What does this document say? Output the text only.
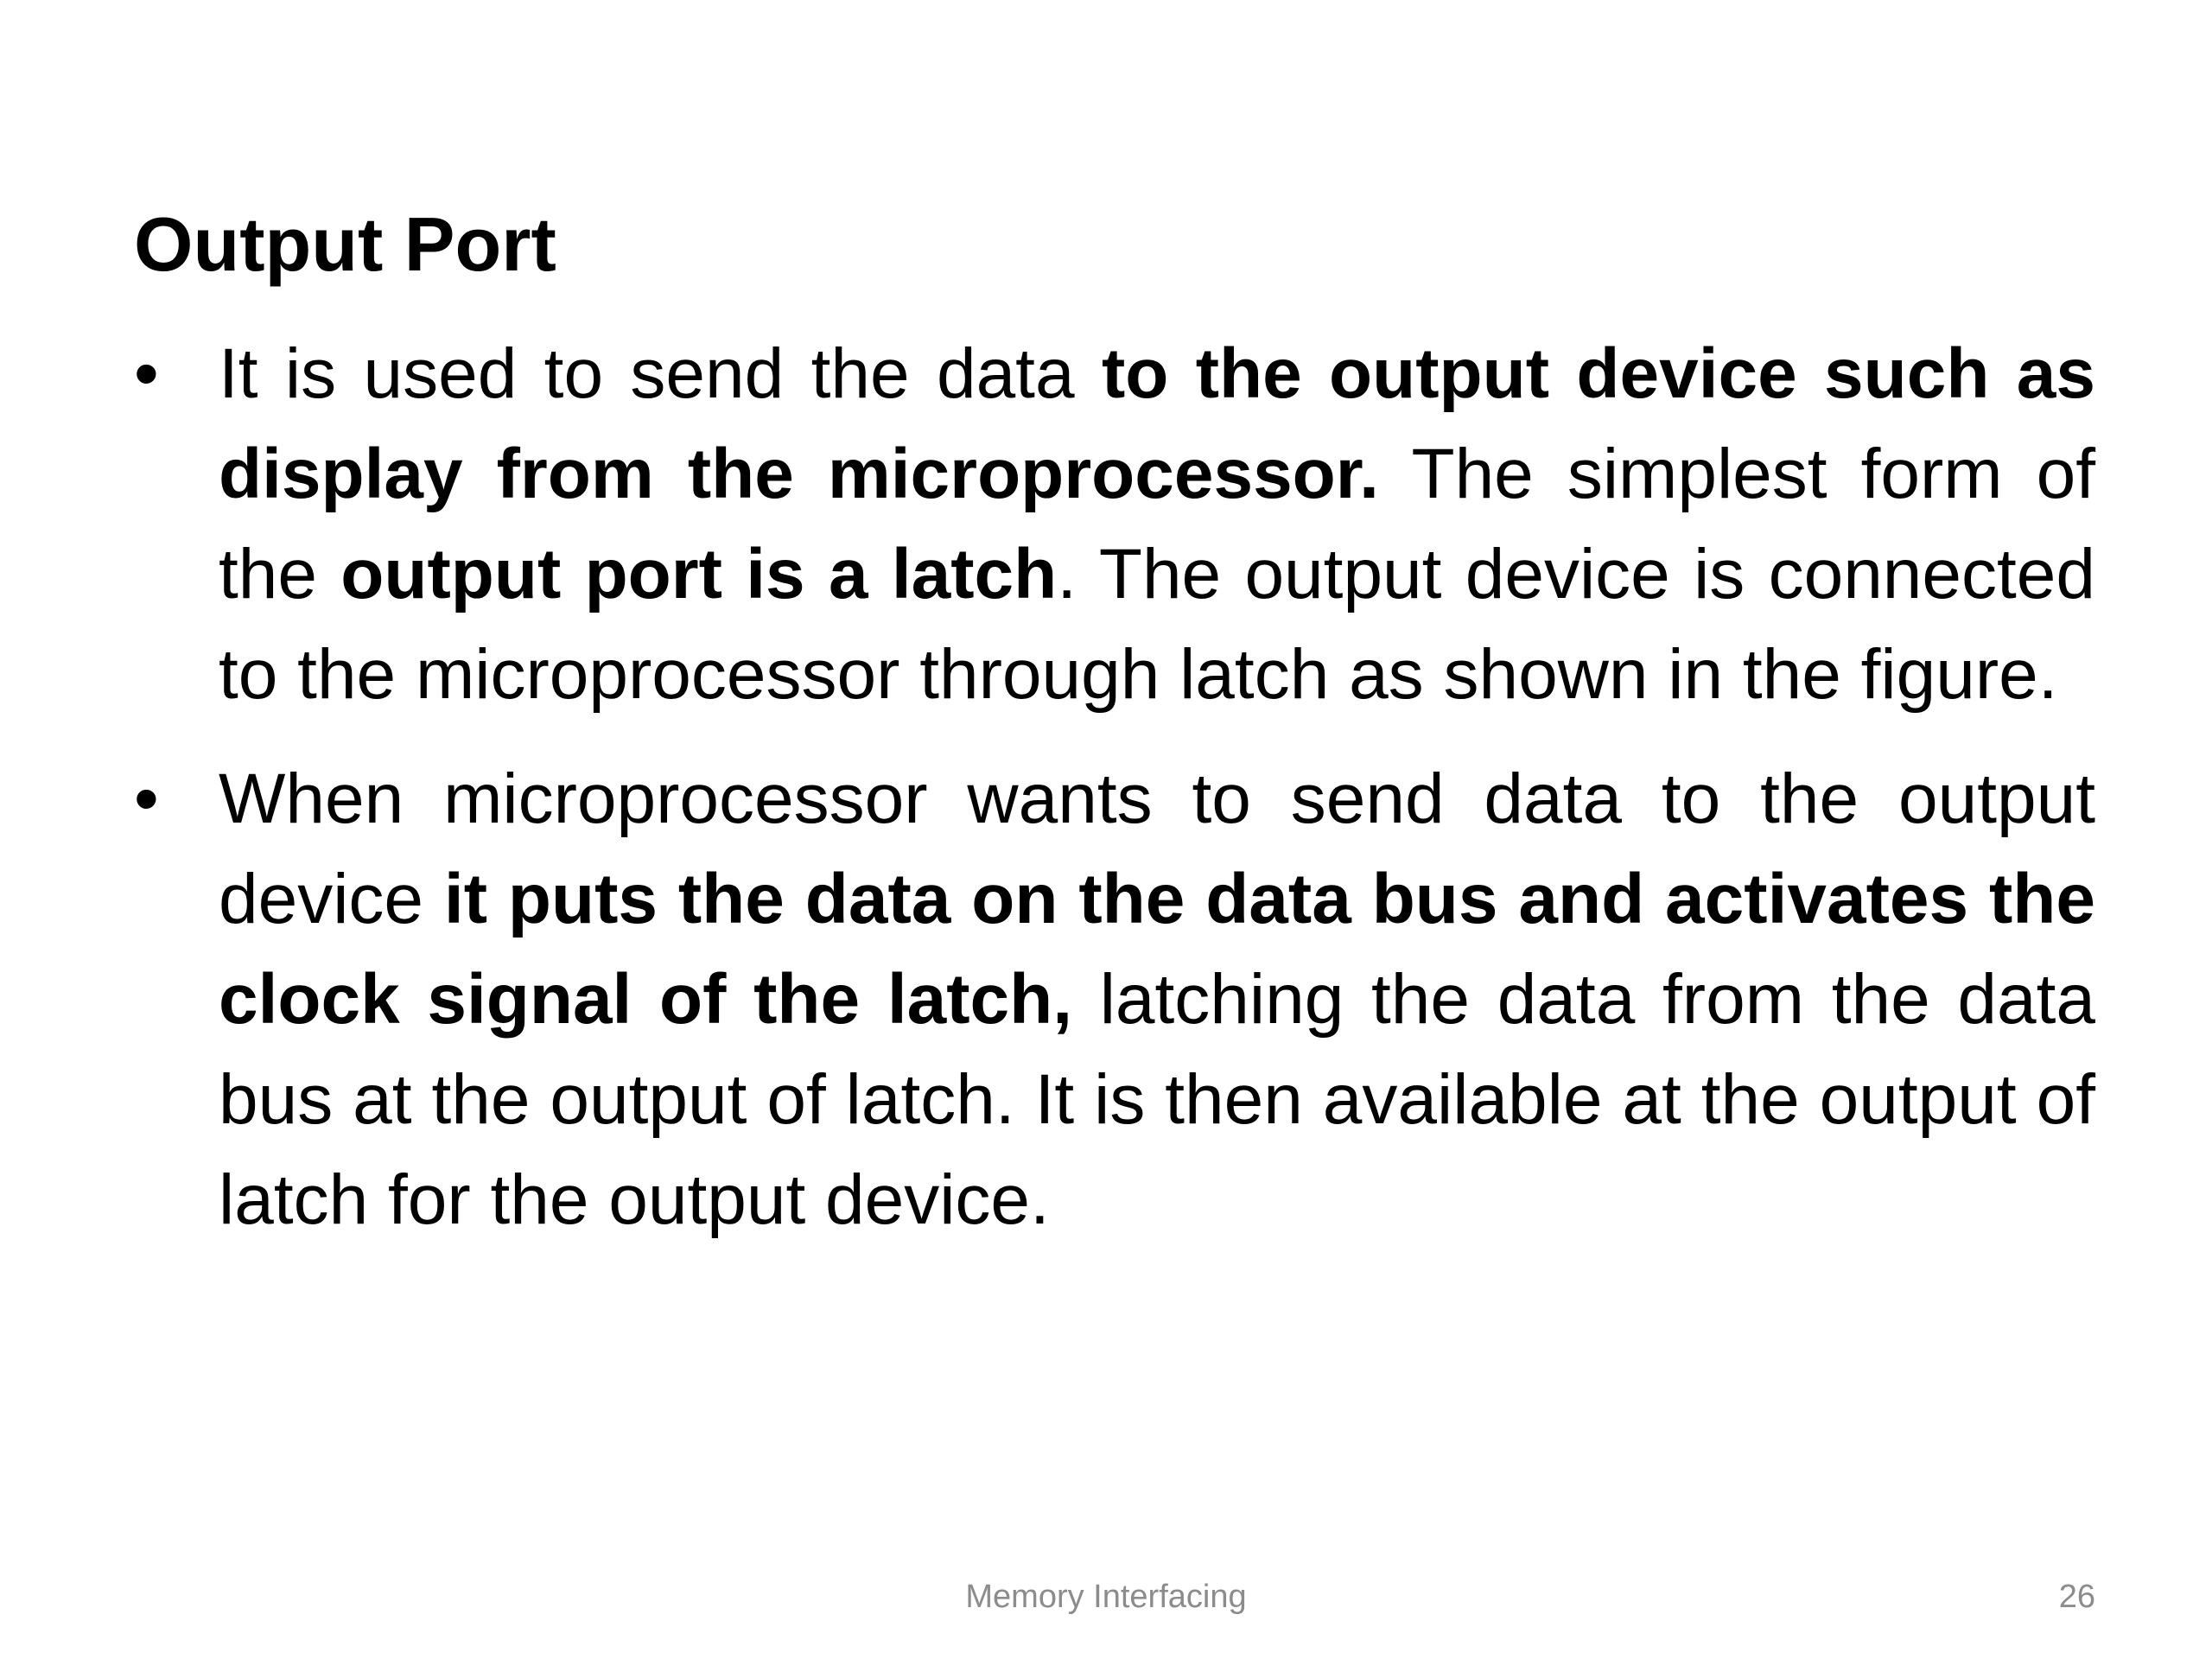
Output Port
• It is used to send the data to the output device such as display from the microprocessor. The simplest form of the output port is a latch. The output device is connected to the microprocessor through latch as shown in the figure.
• When microprocessor wants to send data to the output device it puts the data on the data bus and activates the clock signal of the latch, latching the data from the data bus at the output of latch. It is then available at the output of latch for the output device.
Memory Interfacing	26
